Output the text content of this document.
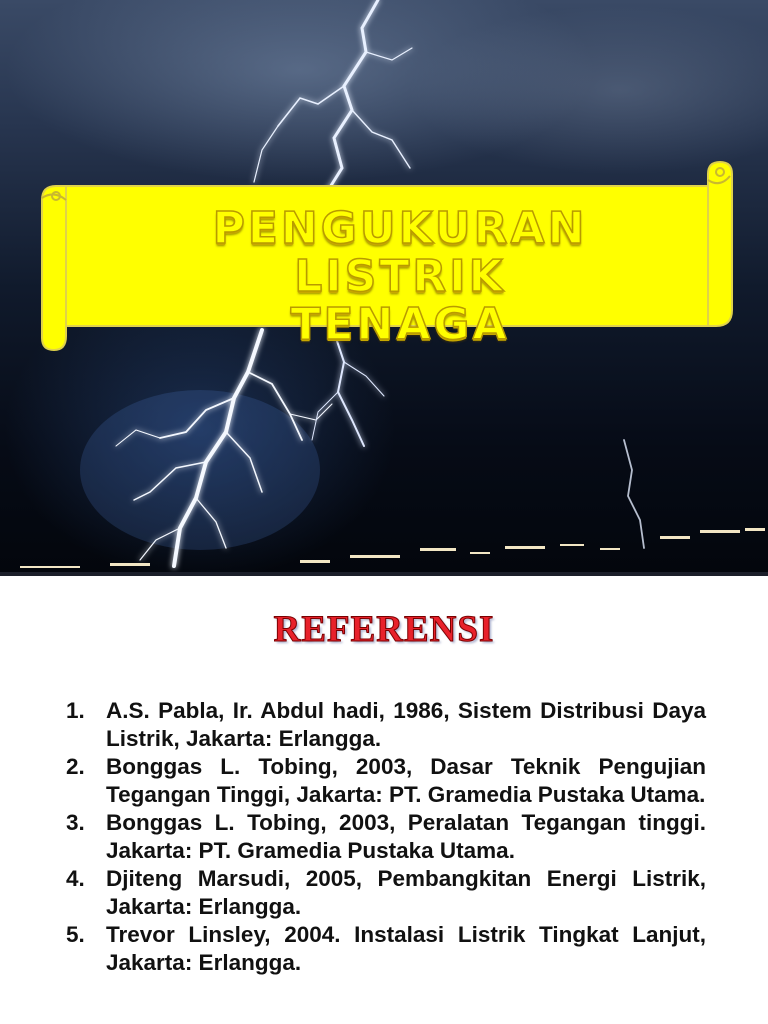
PENGUKURAN LISTRIK
TENAGA
REFERENSI
1. A.S. Pabla, Ir. Abdul hadi, 1986, Sistem Distribusi Daya Listrik, Jakarta: Erlangga.
2. Bonggas L. Tobing, 2003, Dasar Teknik Pengujian Tegangan Tinggi, Jakarta: PT. Gramedia Pustaka Utama.
3. Bonggas L. Tobing, 2003, Peralatan Tegangan tinggi. Jakarta: PT. Gramedia Pustaka Utama.
4. Djiteng Marsudi, 2005, Pembangkitan Energi Listrik, Jakarta: Erlangga.
5. Trevor Linsley, 2004. Instalasi Listrik Tingkat Lanjut, Jakarta: Erlangga.
